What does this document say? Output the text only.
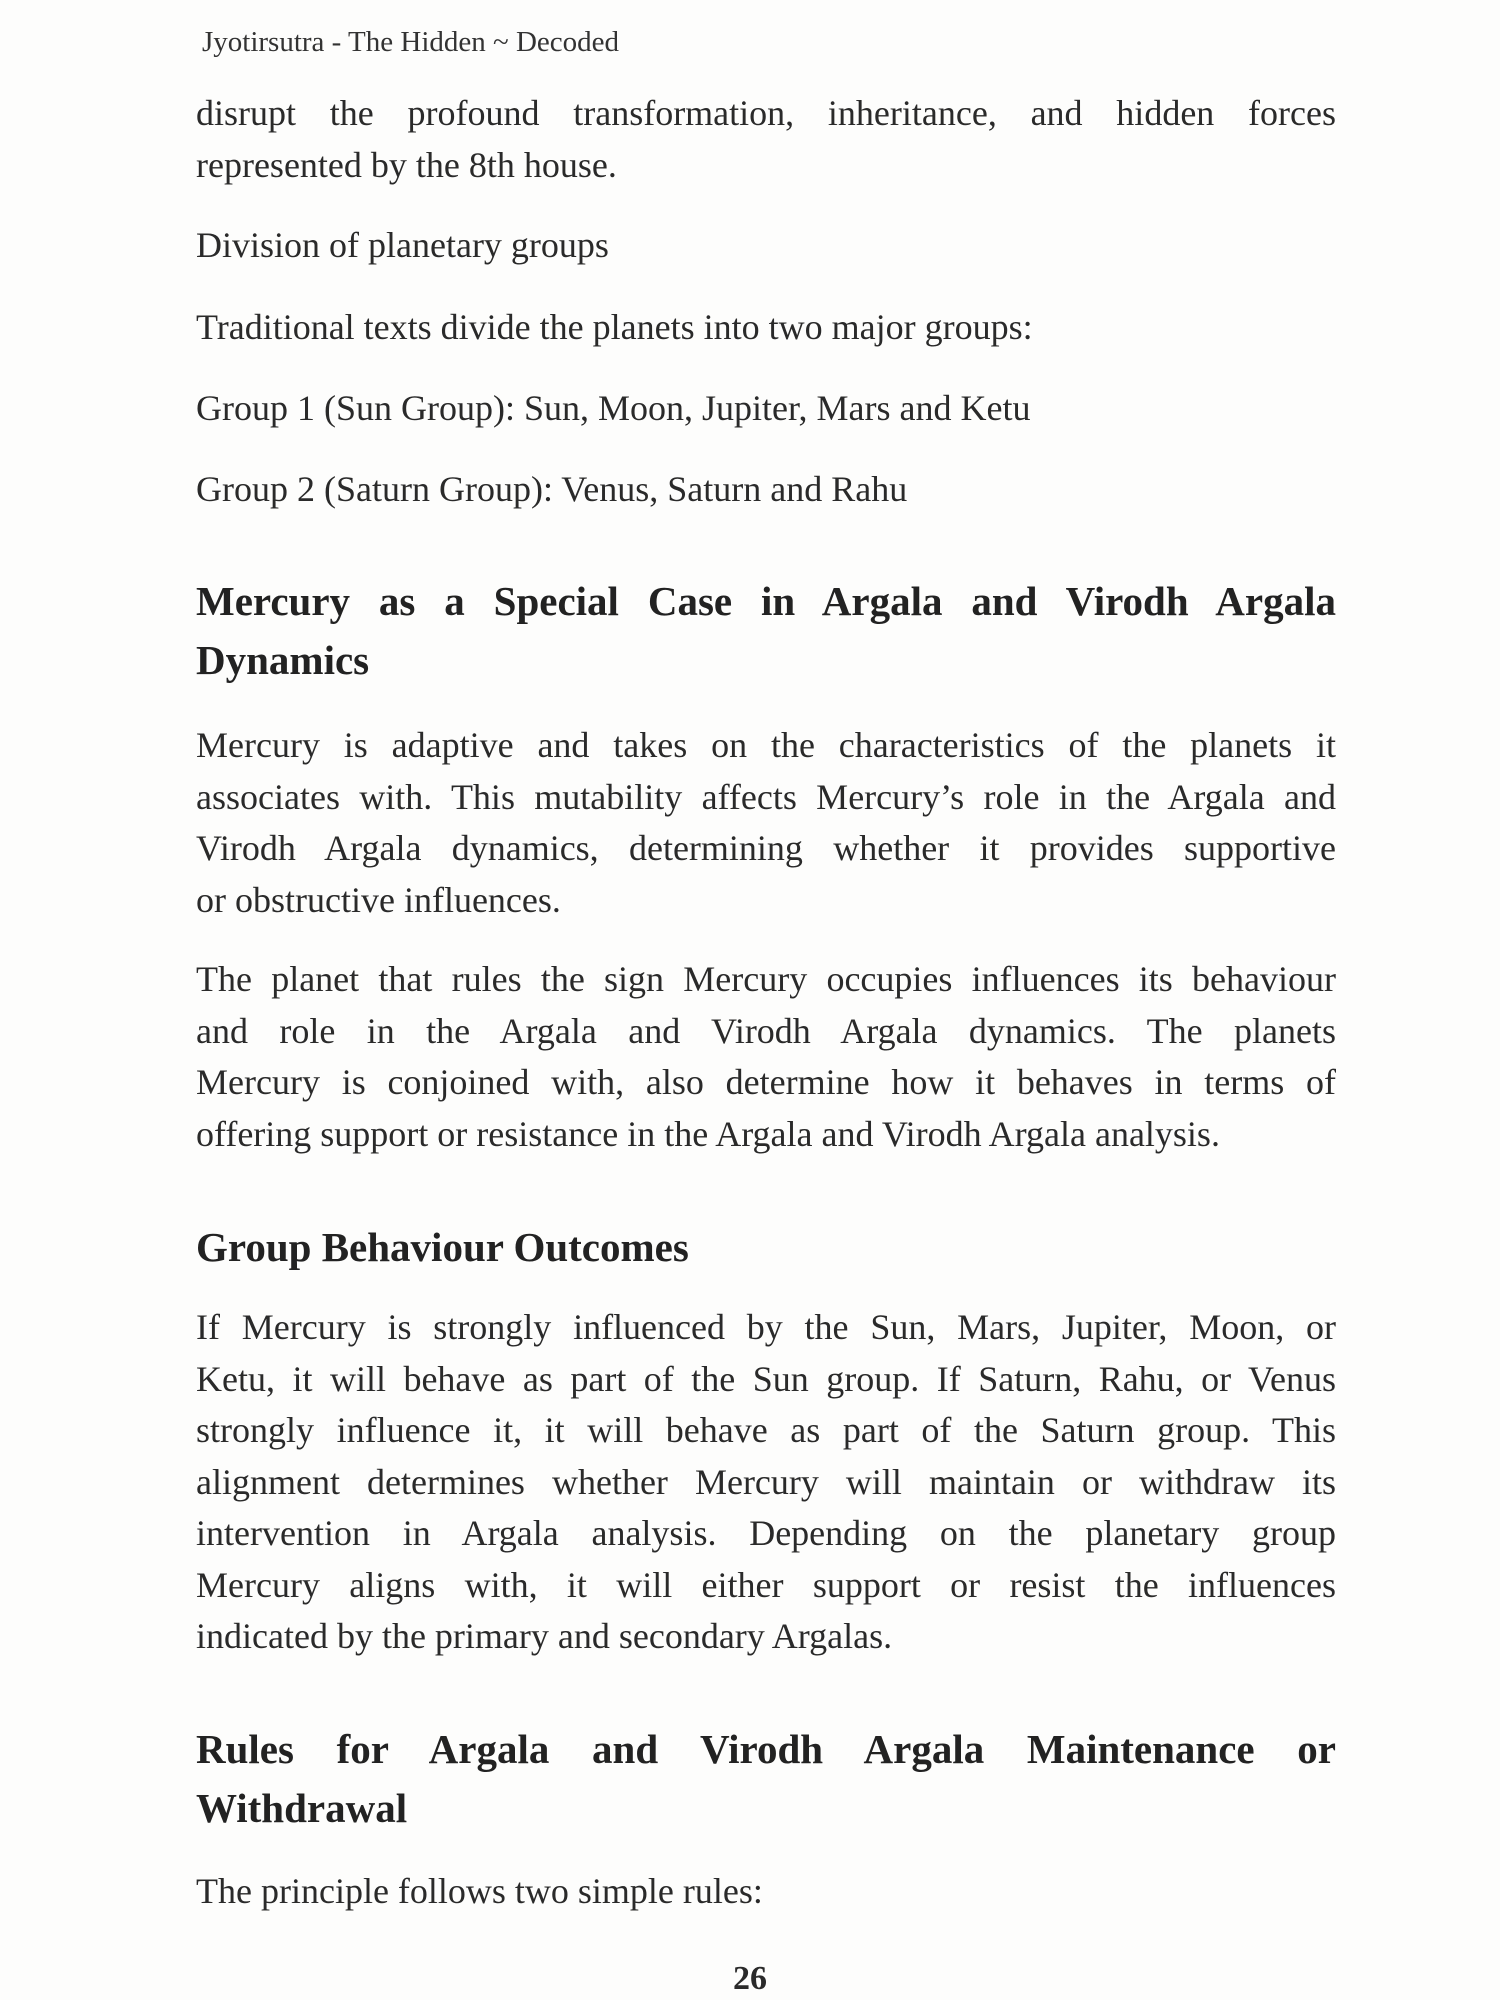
Jyotirsutra - The Hidden ~ Decoded
disrupt the profound transformation, inheritance, and hidden forces
represented by the 8th house.
Division of planetary groups
Traditional texts divide the planets into two major groups:
Group 1 (Sun Group): Sun, Moon, Jupiter, Mars and Ketu
Group 2 (Saturn Group): Venus, Saturn and Rahu
Mercury as a Special Case in Argala and Virodh Argala
Dynamics
Mercury is adaptive and takes on the characteristics of the planets it
associates with. This mutability affects Mercury’s role in the Argala and
Virodh Argala dynamics, determining whether it provides supportive
or obstructive influences.
The planet that rules the sign Mercury occupies influences its behaviour
and role in the Argala and Virodh Argala dynamics. The planets
Mercury is conjoined with, also determine how it behaves in terms of
offering support or resistance in the Argala and Virodh Argala analysis.
Group Behaviour Outcomes
If Mercury is strongly influenced by the Sun, Mars, Jupiter, Moon, or
Ketu, it will behave as part of the Sun group. If Saturn, Rahu, or Venus
strongly influence it, it will behave as part of the Saturn group. This
alignment determines whether Mercury will maintain or withdraw its
intervention in Argala analysis. Depending on the planetary group
Mercury aligns with, it will either support or resist the influences
indicated by the primary and secondary Argalas.
Rules for Argala and Virodh Argala Maintenance or
Withdrawal
The principle follows two simple rules:
26
